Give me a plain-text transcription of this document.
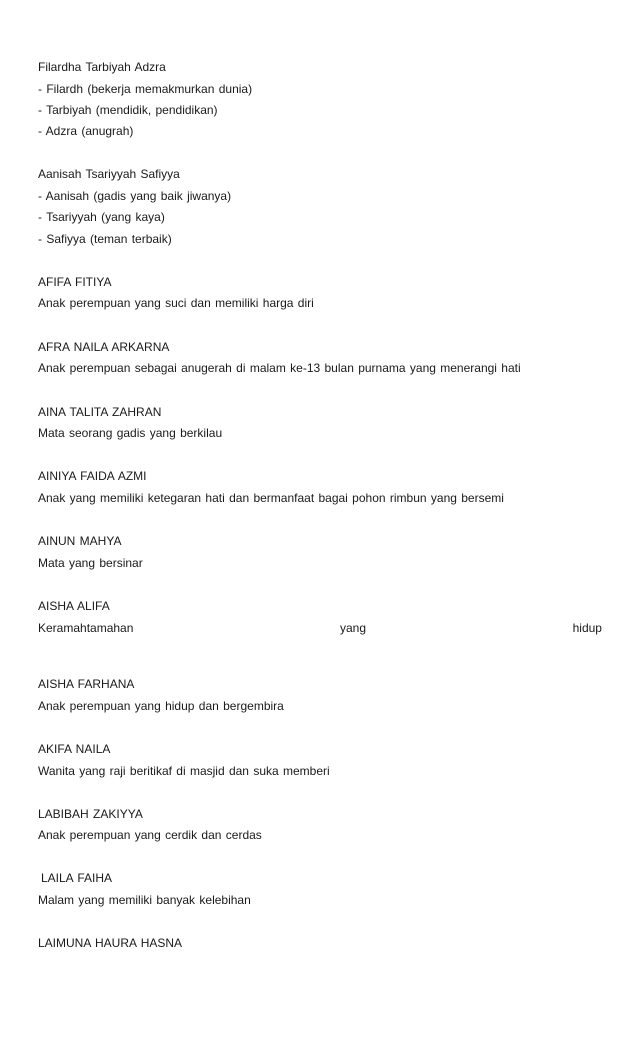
Filardha Tarbiyah Adzra
- Filardh (bekerja memakmurkan dunia)
- Tarbiyah (mendidik, pendidikan)
- Adzra (anugrah)
Aanisah Tsariyyah Safiyya
- Aanisah (gadis yang baik jiwanya)
- Tsariyyah (yang kaya)
- Safiyya (teman terbaik)
AFIFA FITIYA
Anak perempuan yang suci dan memiliki harga diri
AFRA NAILA ARKARNA
Anak perempuan sebagai anugerah di malam ke-13 bulan purnama yang menerangi hati
AINA TALITA ZAHRAN
Mata seorang gadis yang berkilau
AINIYA FAIDA AZMI
Anak yang memiliki ketegaran hati dan bermanfaat bagai pohon rimbun yang bersemi
AINUN MAHYA
Mata yang bersinar
AISHA ALIFA
Keramahtamahan	yang	hidup
AISHA FARHANA
Anak perempuan yang hidup dan bergembira
AKIFA NAILA
Wanita yang raji beritikaf di masjid dan suka memberi
LABIBAH ZAKIYYA
Anak perempuan yang cerdik dan cerdas
LAILA FAIHA
Malam yang memiliki banyak kelebihan
LAIMUNA HAURA HASNA
